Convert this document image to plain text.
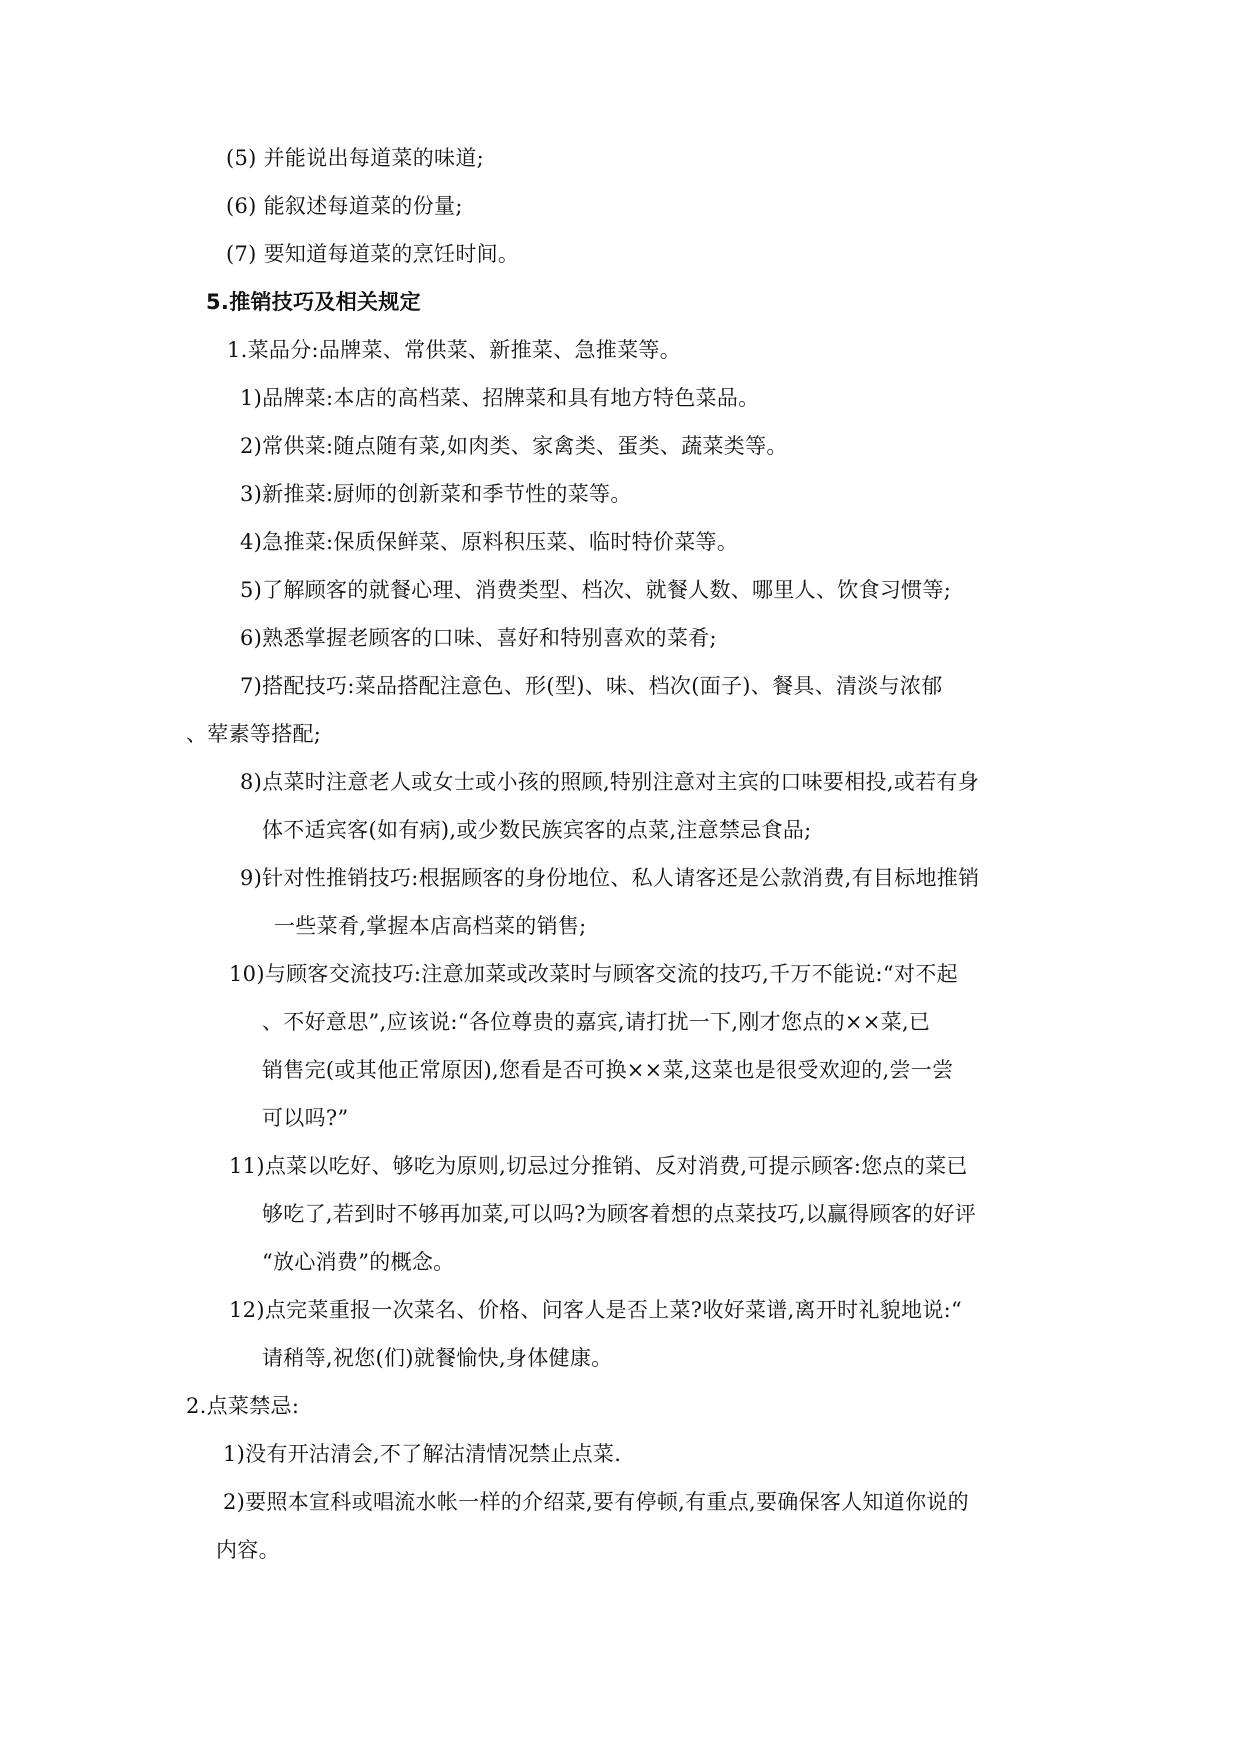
(5) 并能说出每道菜的味道;
(6) 能叙述每道菜的份量;
(7) 要知道每道菜的烹饪时间。
5.推销技巧及相关规定
1.菜品分:品牌菜、常供菜、新推菜、急推菜等。
1)品牌菜:本店的高档菜、招牌菜和具有地方特色菜品。
2)常供菜:随点随有菜,如肉类、家禽类、蛋类、蔬菜类等。
3)新推菜:厨师的创新菜和季节性的菜等。
4)急推菜:保质保鲜菜、原料积压菜、临时特价菜等。
5)了解顾客的就餐心理、消费类型、档次、就餐人数、哪里人、饮食习惯等;
6)熟悉掌握老顾客的口味、喜好和特别喜欢的菜肴;
7)搭配技巧:菜品搭配注意色、形(型)、味、档次(面子)、餐具、清淡与浓郁
、荤素等搭配;
8)点菜时注意老人或女士或小孩的照顾,特别注意对主宾的口味要相投,或若有身
体不适宾客(如有病),或少数民族宾客的点菜,注意禁忌食品;
9)针对性推销技巧:根据顾客的身份地位、私人请客还是公款消费,有目标地推销
一些菜肴,掌握本店高档菜的销售;
10)与顾客交流技巧:注意加菜或改菜时与顾客交流的技巧,千万不能说:“对不起
、不好意思”,应该说:“各位尊贵的嘉宾,请打扰一下,刚才您点的××菜,已
销售完(或其他正常原因),您看是否可换××菜,这菜也是很受欢迎的,尝一尝
可以吗?”
11)点菜以吃好、够吃为原则,切忌过分推销、反对消费,可提示顾客:您点的菜已
够吃了,若到时不够再加菜,可以吗?为顾客着想的点菜技巧,以赢得顾客的好评
“放心消费”的概念。
12)点完菜重报一次菜名、价格、问客人是否上菜?收好菜谱,离开时礼貌地说:“
请稍等,祝您(们)就餐愉快,身体健康。
2.点菜禁忌:
1)没有开沽清会,不了解沽清情况禁止点菜.
2)要照本宣科或唱流水帐一样的介绍菜,要有停顿,有重点,要确保客人知道你说的
内容。
